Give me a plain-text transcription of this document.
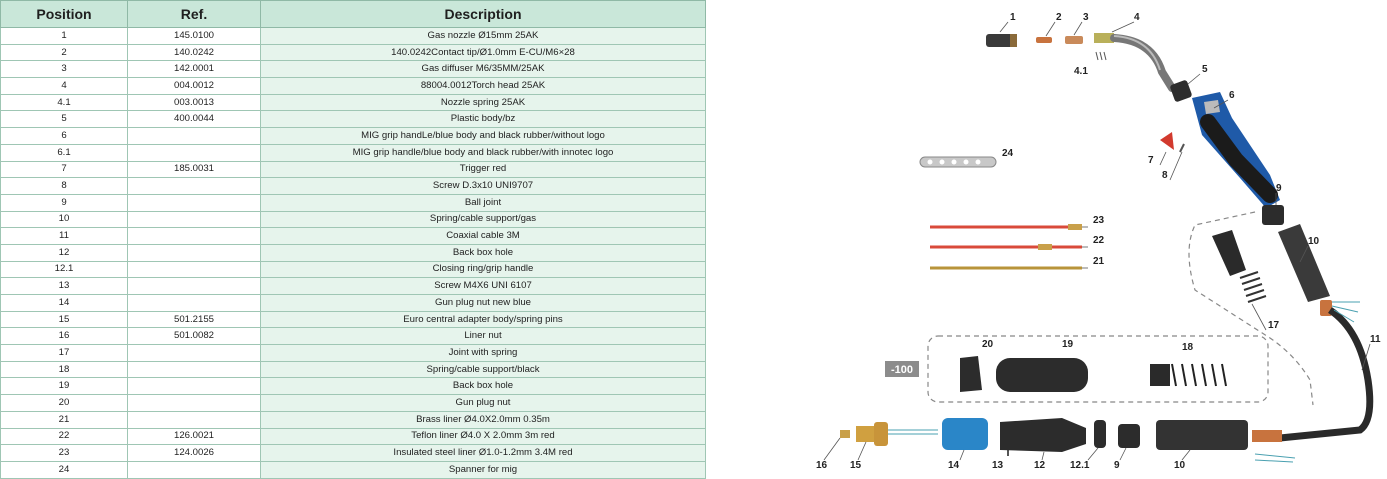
Position	Ref.	Description
1	145.0100	Gas nozzle Ø15mm 25AK
2	140.0242	140.0242Contact tip/Ø1.0mm E-CU/M6×28
3	142.0001	Gas diffuser M6/35MM/25AK
4	004.0012	88004.0012Torch head 25AK
4.1	003.0013	Nozzle spring 25AK
5	400.0044	Plastic body/bz
6		MIG grip handLe/blue body and black rubber/without logo
6.1		MIG grip handle/blue body and black rubber/with innotec logo
7	185.0031	Trigger red
8		Screw D.3x10 UNI9707
9		Ball joint
10		Spring/cable support/gas
11		Coaxial cable 3M
12		Back box hole
12.1		Closing ring/grip handle
13		Screw M4X6 UNI 6107
14		Gun plug nut new blue
15	501.2155	Euro central adapter body/spring pins
16	501.0082	Liner nut
17		Joint with spring
18		Spring/cable support/black
19		Back box hole
20		Gun plug nut
21		Brass liner Ø4.0X2.0mm 0.35m
22	126.0021	Teflon liner Ø4.0 X 2.0mm 3m red
23	124.0026	Insulated steel liner Ø1.0-1.2mm 3.4M red
24		Spanner for mig
-100
1	2 3	4
4.1	5
6
7
8
24
9
10
23
22
21
17
11
20	19	18
16 15	14	13	12 12.1 9	10
